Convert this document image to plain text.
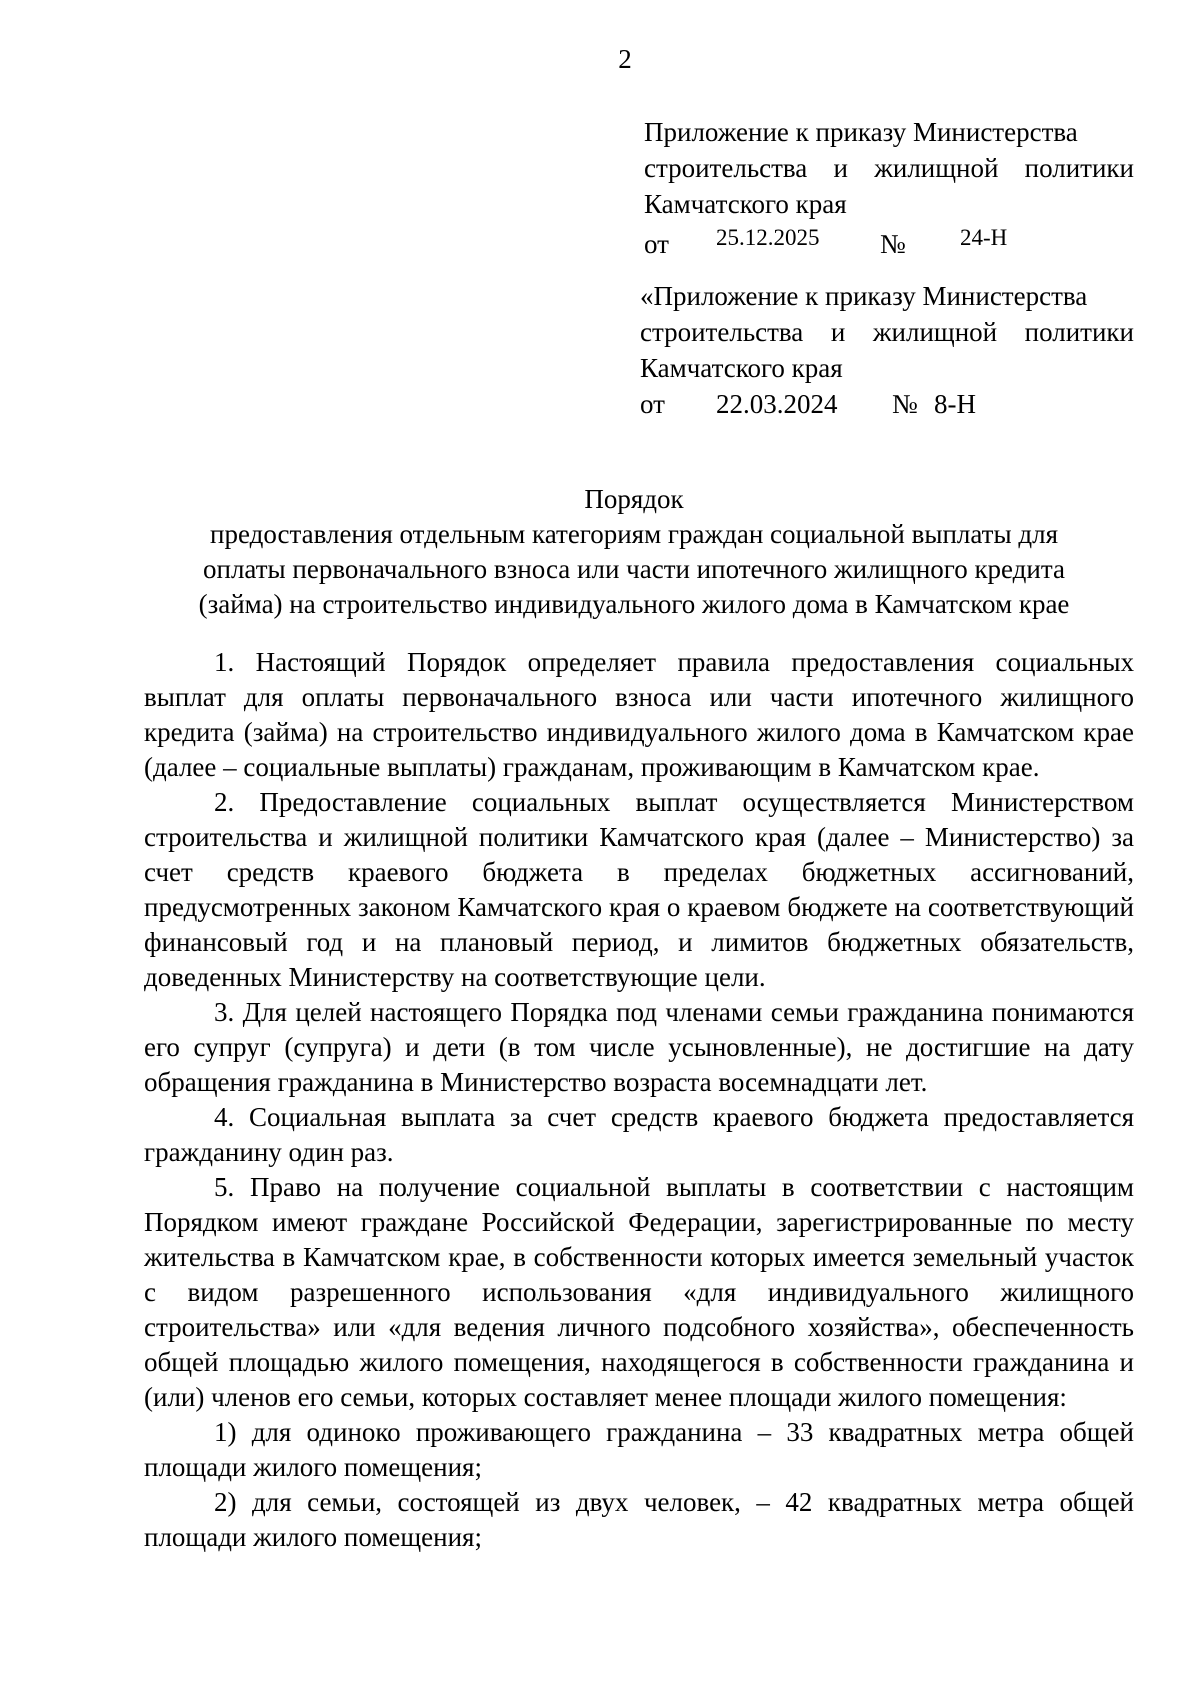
2
Приложение к приказу Министерства
строительства и жилищной политики
Камчатского края
от 25.12.2025 № 24-Н
«Приложение к приказу Министерства
строительства и жилищной политики
Камчатского края
от 22.03.2024 № 8-Н
Порядок
предоставления отдельным категориям граждан социальной выплаты для
оплаты первоначального взноса или части ипотечного жилищного кредита
(займа) на строительство индивидуального жилого дома в Камчатском крае

1. Настоящий Порядок определяет правила предоставления социальных выплат для оплаты первоначального взноса или части ипотечного жилищного кредита (займа) на строительство индивидуального жилого дома в Камчатском крае (далее – социальные выплаты) гражданам, проживающим в Камчатском крае.

2. Предоставление социальных выплат осуществляется Министерством строительства и жилищной политики Камчатского края (далее – Министерство) за счет средств краевого бюджета в пределах бюджетных ассигнований, предусмотренных законом Камчатского края о краевом бюджете на соответствующий финансовый год и на плановый период, и лимитов бюджетных обязательств, доведенных Министерству на соответствующие цели.

3. Для целей настоящего Порядка под членами семьи гражданина понимаются его супруг (супруга) и дети (в том числе усыновленные), не достигшие на дату обращения гражданина в Министерство возраста восемнадцати лет.

4. Социальная выплата за счет средств краевого бюджета предоставляется гражданину один раз.

5. Право на получение социальной выплаты в соответствии с настоящим Порядком имеют граждане Российской Федерации, зарегистрированные по месту жительства в Камчатском крае, в собственности которых имеется земельный участок с видом разрешенного использования «для индивидуального жилищного строительства» или «для ведения личного подсобного хозяйства», обеспеченность общей площадью жилого помещения, находящегося в собственности гражданина и (или) членов его семьи, которых составляет менее площади жилого помещения:

1) для одиноко проживающего гражданина – 33 квадратных метра общей площади жилого помещения;

2) для семьи, состоящей из двух человек, – 42 квадратных метра общей площади жилого помещения;
